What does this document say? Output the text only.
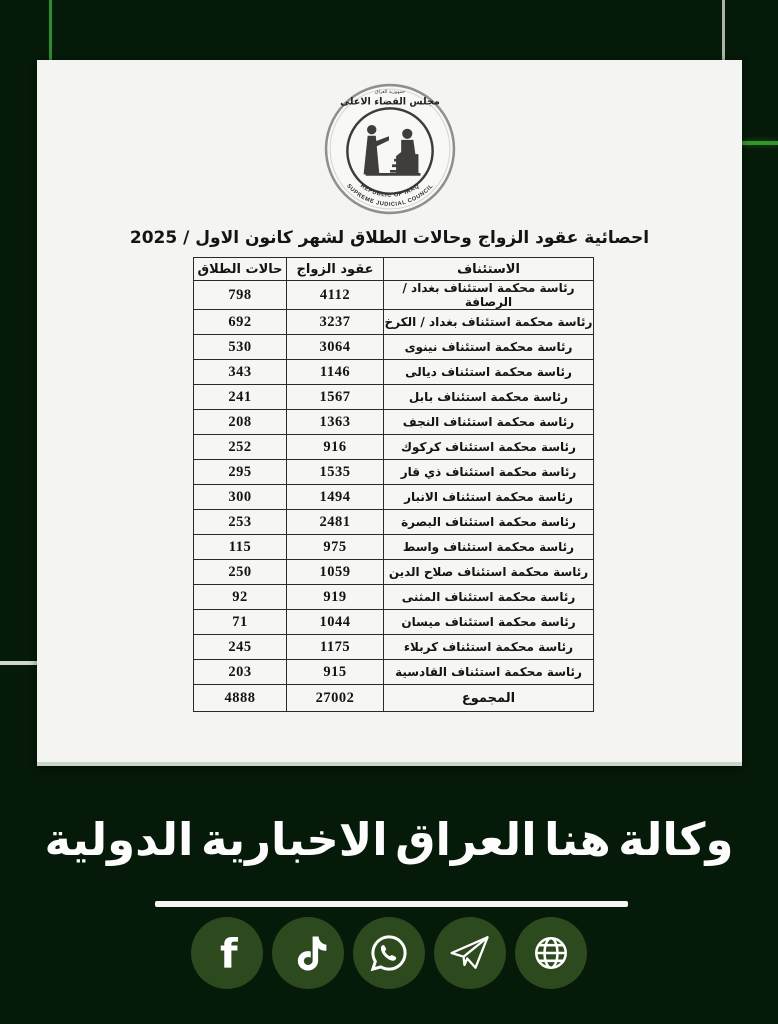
جمهورية العراق
مجلس القضاء الاعلى
REPUBLIC OF IRAQ
SUPREME JUDICIAL COUNCIL
احصائية عقود الزواج وحالات الطلاق لشهر كانون الاول / 2025
الاستئناف	عقود الزواج	حالات الطلاق
رئاسة محكمة استئناف بغداد / الرصافة	4112	798
رئاسة محكمة استئناف بغداد / الكرخ	3237	692
رئاسة محكمة استئناف نينوى	3064	530
رئاسة محكمة استئناف ديالى	1146	343
رئاسة محكمة استئناف بابل	1567	241
رئاسة محكمة استئناف النجف	1363	208
رئاسة محكمة استئناف كركوك	916	252
رئاسة محكمة استئناف ذي قار	1535	295
رئاسة محكمة استئناف الانبار	1494	300
رئاسة محكمة استئناف البصرة	2481	253
رئاسة محكمة استئناف واسط	975	115
رئاسة محكمة استئناف صلاح الدين	1059	250
رئاسة محكمة استئناف المثنى	919	92
رئاسة محكمة استئناف ميسان	1044	71
رئاسة محكمة استئناف كربلاء	1175	245
رئاسة محكمة استئناف القادسية	915	203
المجموع	27002	4888
وكالة هنا العراق الاخبارية الدولية
f
